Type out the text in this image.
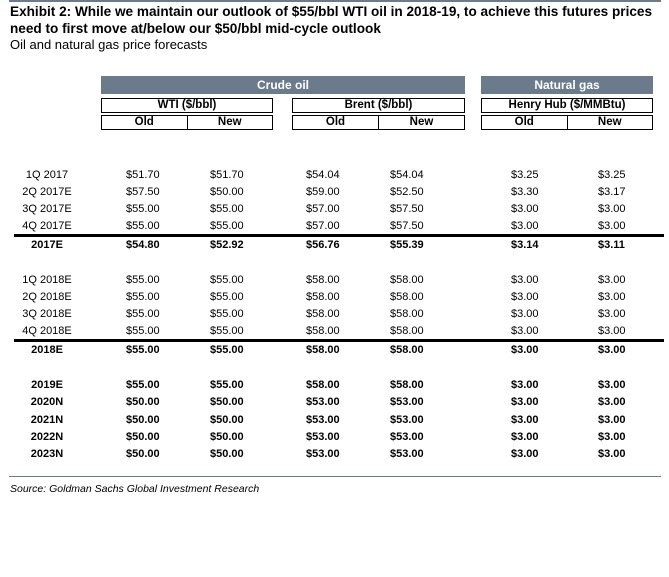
Exhibit 2: While we maintain our outlook of $55/bbl WTI oil in 2018-19, to achieve this futures prices need to first move at/below our $50/bbl mid-cycle outlook
Oil and natural gas price forecasts
Crude oil	Natural gas
WTI ($/bbl)	Brent ($/bbl)	Henry Hub ($/MMBtu)
Old	New	Old	New	Old	New
1Q 2017	$51.70	$51.70	$54.04	$54.04	$3.25	$3.25
2Q 2017E	$57.50	$50.00	$59.00	$52.50	$3.30	$3.17
3Q 2017E	$55.00	$55.00	$57.00	$57.50	$3.00	$3.00
4Q 2017E	$55.00	$55.00	$57.00	$57.50	$3.00	$3.00
2017E	$54.80	$52.92	$56.76	$55.39	$3.14	$3.11
1Q 2018E	$55.00	$55.00	$58.00	$58.00	$3.00	$3.00
2Q 2018E	$55.00	$55.00	$58.00	$58.00	$3.00	$3.00
3Q 2018E	$55.00	$55.00	$58.00	$58.00	$3.00	$3.00
4Q 2018E	$55.00	$55.00	$58.00	$58.00	$3.00	$3.00
2018E	$55.00	$55.00	$58.00	$58.00	$3.00	$3.00
2019E	$55.00	$55.00	$58.00	$58.00	$3.00	$3.00
2020N	$50.00	$50.00	$53.00	$53.00	$3.00	$3.00
2021N	$50.00	$50.00	$53.00	$53.00	$3.00	$3.00
2022N	$50.00	$50.00	$53.00	$53.00	$3.00	$3.00
2023N	$50.00	$50.00	$53.00	$53.00	$3.00	$3.00
Source: Goldman Sachs Global Investment Research
